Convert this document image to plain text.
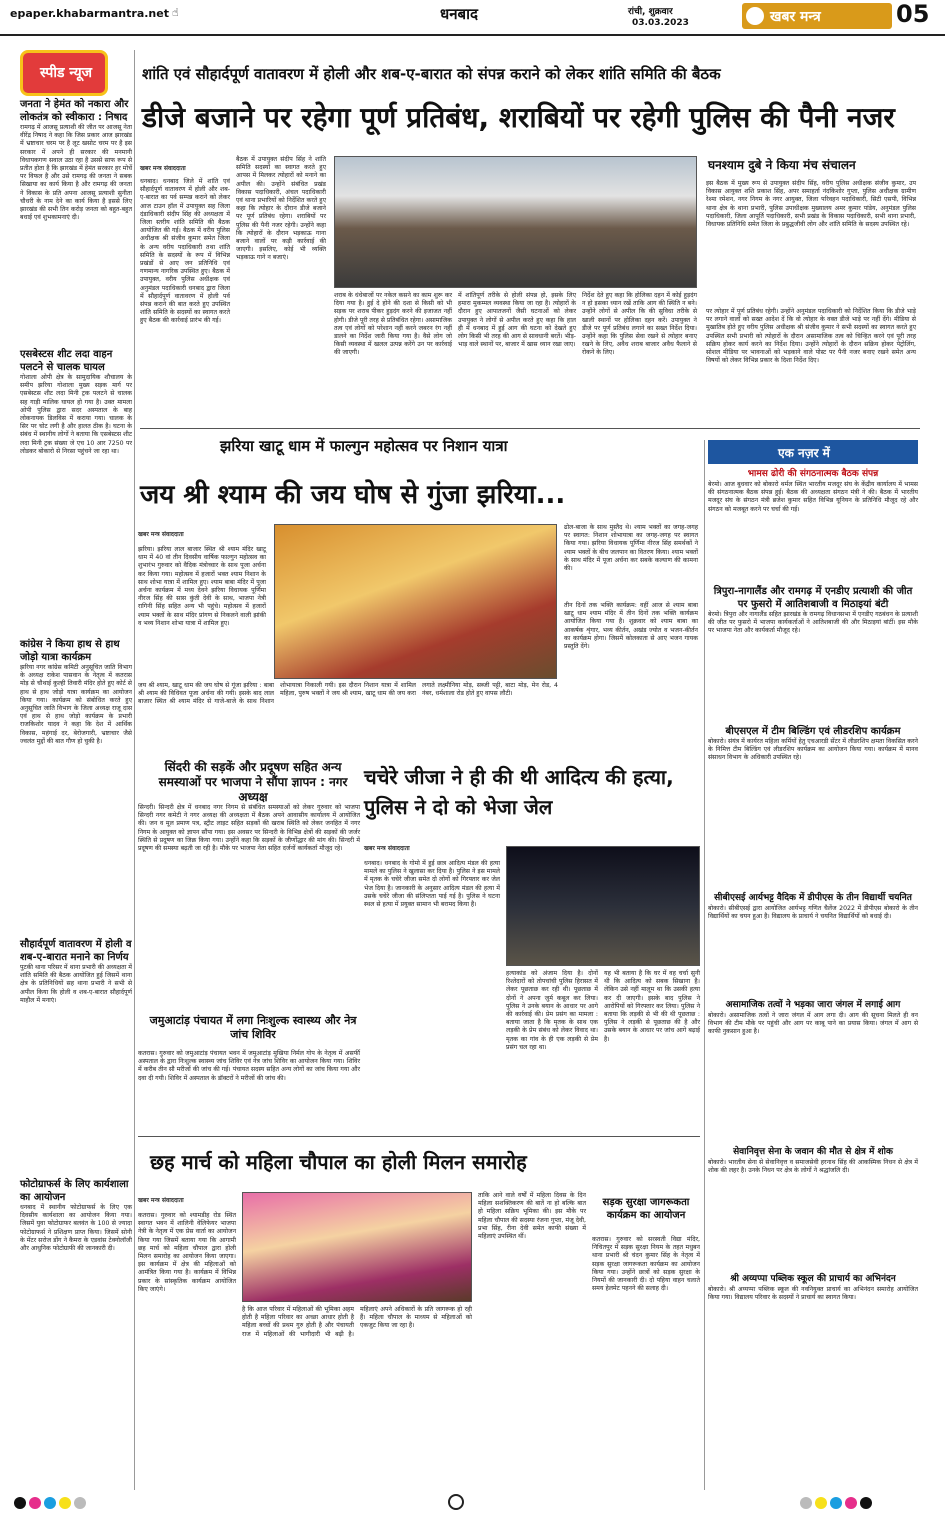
epaper.khabarmantra.net ☝	धनबाद	रांची, शुक्रवार
03.03.2023	खबर मन्त्र	05
स्पीड न्यूज
जनता ने हेमंत को नकारा और लोकतंत्र को स्वीकारा : निषाद
रामगढ़ में आजसू प्रत्याशी की जीत पर आजसू नेता वीरेंद्र निषाद ने कहा कि जिस प्रकार आज झारखंड में भ्रष्टाचार चरम पर है लूट खसोट चरम पर है इस सरकार में अपने ही सरकार की मनमानी विधायकगण सवाल उठा रहा है उससे साफ रूप से प्रतीत होता है कि झारखंड में हेमंत सरकार हर मोर्चे पर विफल है और उसे रामगढ़ की जनता ने सबक सिखाया का कार्य किया है और रामगढ़ की जनता ने विकास के प्रति अपना आजसू प्रत्याशी सुनीता चौधरी के नाम देने का कार्य किया है इससे लिए झारखंड की सभी तिन करोड़ जनता को बहुत-बहुत बधाई एवं शुभकामनाएं दी।
एसबेस्टस शीट लदा वाहन पलटने से चालक घायल
गोशाला ओपी क्षेत्र के सामुदायिक शौचालय के समीप झरिया गोशाला मुख्य सड़क मार्ग पर एसबेस्टस शीट लदा मिनी ट्रक पलटने से चालक सह गाड़ी मालिक घायल हो गया है। उक्त मामला ओपी पुलिस द्वारा सदर अस्पताल के बाह लोकनायक डिलविस में कराया गया। चालक के सिर पर चोट लगी है और हालत ठीक है। घटना के संबंध में स्थानीय लोगों ने बताया कि एसबेस्टस शीट लदा मिनी ट्रक संख्या जे एच 10 आर 7250 पर लोडकर बोकारो से निरसा पहुंचने जा रहा था।
कांग्रेस ने किया हाथ से हाथ जोड़ो यात्रा कार्यक्रम
झरिया नगर कांग्रेस कमिटी अनुसूचित जाति विभाग के अध्यक्ष राकेश पासवान के नेतृत्व में कतरास मोड़ से चौथाई कुल्ही तिवारी मंदिर होते हुए कोर्ट से हाथ से हाथ जोड़ो यात्रा कार्यक्रम का आयोजन किया गया। कार्यक्रम को संबोधित करते हुए अनुसूचित जाति विभाग के जिला अध्यक्ष राजू दास एवं हाथ से हाथ जोड़ो कार्यक्रम के प्रभारी राजकिशोर यादव ने कहा कि देश में आर्थिक विकास, महंगाई दर, बेरोजगारी, भ्रष्टाचार जैसे ज्वलंत मुद्दों की बात गौण हो चुकी है।
सौहार्दपूर्ण वातावरण में होली व शब-ए-बारात मनाने का निर्णय
पुटकी थाना परिसर में थाना प्रभारी की अध्यक्षता में शांति समिति की बैठक आयोजित हुई जिसमें थाना क्षेत्र के प्रतिनिधियों सह थाना प्रभारी ने सभी से अपील किया कि होली व शब-ए-बारात सौहार्दपूर्ण माहौल में मनाएं।
फोटोग्राफर्स के लिए कार्यशाला का आयोजन
धनबाद में स्थानीय फोटोग्राफर्स के लिए एक दिवसीय कार्यशाला का आयोजन किया गया। जिसमें युवा फोटोग्राफर बलवंत के 100 से ज्यादा फोटोग्राफर्स ने प्रशिक्षण प्राप्त किया। जिसमें सोनी के मेंटर सरोज डोंग ने कैमरा के एडवांस टेक्नोलॉजी और आधुनिक फोटोग्राफी की जानकारी दी।
शांति एवं सौहार्दपूर्ण वातावरण में होली और शब-ए-बारात को संपन्न कराने को लेकर शांति समिति की बैठक
डीजे बजाने पर रहेगा पूर्ण प्रतिबंध, शराबियों पर रहेगी पुलिस की पैनी नजर
खबर मन्त्र संवाददाता
धनबाद। धनबाद जिले में शांति एवं सौहार्दपूर्ण वातावरण में होली और शब-ए-बारात का पर्व सम्पन्न कराने को लेकर आज टाउन हॉल में उपायुक्त सह जिला दंडाधिकारी संदीप सिंह की अध्यक्षता में जिला स्तरीय शांति समिति की बैठक आयोजित की गई। बैठक में वरीय पुलिस अधीक्षक श्री संजीव कुमार समेत जिला के अन्य वरीय पदाधिकारी तथा शांति समिति के सदस्यों के रूप में विभिन्न प्रखंडों से आए जन प्रतिनिधि एवं गणमान्य नागरिक उपस्थित हुए। बैठक में उपायुक्त, वरीय पुलिस अधीक्षक एवं अनुमंडल पदाधिकारी धनबाद द्वारा जिला में सौहार्दपूर्ण वातावरण में होली पर्व संपन्न कराने की बात करते हुए उपस्थित शांति समिति के सदस्यों का स्वागत करते हुए बैठक की कार्रवाई प्रारंभ की गई।
बैठक में उपायुक्त संदीप सिंह ने शांति समिति सदस्यों का स्वागत करते हुए आपस में मिलकर त्योहारों को मनाने का अपील की। उन्होंने संबंधित प्रखंड विकास पदाधिकारी, अंचल पदाधिकारी एवं थाना प्रभारियों को निर्देशित करते हुए कहा कि त्योहार के दौरान डीजे बजाने पर पूर्ण प्रतिबंध रहेगा। शराबियों पर पुलिस की पैनी नजर रहेगी। उन्होंने कहा कि त्योहारों के दौरान भड़काऊ गाना बजाने वालों पर कड़ी कार्रवाई की जाएगी। इसलिए, कोई भी व्यक्ति भड़काऊ गाने न बजाएं।
शराब के धंधेबाजों पर नकेल कसने का काम शुरू कर दिया गया है। हुई दे होने की दशा से किसी को भी सड़क पर शराब पीकर हुड़दंग करने की इजाजत नहीं होगी। डीजे पूरी तरह से प्रतिबंधित रहेगा। असामाजिक तत्व एवं लोगों को परेशान नहीं करने जबरन रंग नहीं डालने का निर्देश जारी किया गया है। वैसे लोग जो किसी व्यवस्था में खलल उत्पन्न करेंगे उन पर कार्रवाई की जाएगी।
में शांतिपूर्ण तरीके से होली संपन्न हो, इसके लिए हमारा मुकम्मल व्यवस्था किया जा रहा है। त्योहारों के दौरान हुए आपातजनों जैसी घटनाओं को लेकर उपायुक्त ने लोगों से अपील करते हुए कहा कि हाल ही में धनबाद में हुई आग की घटना को देखते हुए लोग किसी भी तरह की आग से सावधानी बरतें। भीड़-भाड़ वाले स्थानों पर, बाजार में खास ध्यान रखा जाए।
निर्देश देते हुए कहा कि होलिका दहन में कोई हुड़दंग न हो इसका ध्यान रखें ताकि आग की स्थिति न बने। उन्होंने लोगों से अपील कि की सुविधा तरीके से खाली स्थानों पर होलिका दहन करें। उपायुक्त ने डीजे पर पूर्ण प्रतिबंध लगाने का सख्त निर्देश दिया। उन्होंने कहा कि पुलिस सेवा रखने से त्योहार बनाए रखने के लिए, अवैध शराब बाजार अवैध फैलाने से रोकने के लिए।
घनश्याम दुबे ने किया मंच संचालन
इस बैठक में मुख्य रूप से उपायुक्त संदीप सिंह, वरीय पुलिस अधीक्षक संजीव कुमार, उप विकास आयुक्त शशि प्रकाश सिंह, अपर समाहर्ता नंदकिशोर गुप्ता, पुलिस अधीक्षक ग्रामीण रेश्मा रमेशन, नगर निगम के नगर आयुक्त, जिला परिवहन पदाधिकारी, सिटी एसपी, विभिन्न थाना क्षेत्र के थाना प्रभारी, पुलिस उपाधीक्षक मुख्यालय अमर कुमार पांडेय, अनुमंडल पुलिस पदाधिकारी, जिला आपूर्ति पदाधिकारी, सभी प्रखंड के विकास पदाधिकारी, सभी थाना प्रभारी, विधायक प्रतिनिधि समेत जिला के प्रबुद्धजीवी लोग और शांति समिति के सदस्य उपस्थित रहे।
पर त्योहार में पूर्ण प्रतिबंध रहेगी। उन्होंने अनुमंडल पदाधिकारी को निर्देशित किया कि डीजे भाड़े पर लगाने वालों को सख्त आदेश दें कि वो त्योहार के वक्त डीजे भाड़े पर नहीं देंगे। मीडिया से मुखातिब होते हुए वरीय पुलिस अधीक्षक श्री संजीव कुमार ने सभी सदस्यों का स्वागत करते हुए उपस्थित सभी प्रभारी को त्योहारों के दौरान असामाजिक तत्व को चिन्हित करने एवं पूरी तरह सक्रिय होकर कार्य करने का निर्देश दिया। उन्होंने त्योहारों के दौरान सक्रिय होकर पेट्रोलिंग, सोशल मीडिया पर भावनाओं को भड़काने वाले पोस्ट पर पैनी नजर बनाए रखने समेत अन्य विषयों को लेकर विभिन्न प्रकार के दिशा निर्देश दिए।
झरिया खाटू धाम में फाल्गुन महोत्सव पर निशान यात्रा
जय श्री श्याम की जय घोष से गुंजा झरिया...
खबर मन्त्र संवाददाता
झरिया। झरिया लाल बाजार स्थित श्री श्याम मंदिर खाटू धाम में 40 वां तीन दिवसीय वार्षिक फाल्गुन महोत्सव का शुभारंभ गुरुवार को वैदिक मंत्रोच्चार के साथ पूजा अर्चना कर किया गया। महोत्सव में हजारों भक्त श्याम निशान के साथ शोभा यात्रा में शामिल हुए। श्याम बाबा मंदिर में पूजा अर्चना कार्यक्रम में मध्य देवने झरिया विधायक पूर्णिमा नीरज सिंह की सास कुंती देवी के साथ, भाजपा नेत्री रागिनी सिंह सहित अन्य भी पहुंचे। महोत्सव में हजारों श्याम भक्तों के साथ मंदिर प्रांगण से निकलने वाली झांकी व भव्य निशान शोभा यात्रा में शामिल हुए।
जय श्री श्याम, खाटू धाम की जय घोष से गूंजा झरिया : बाबा श्री श्याम की विधिवत पूजा अर्चना की गयी। इसके बाद लाल बाजार स्थित श्री श्याम मंदिर से गाजे-बाजे के साथ निशान शोभायात्रा निकाली गयी। इस दौरान निशान यात्रा में शामिल महिला, पुरुष भक्तों ने जय श्री श्याम, खाटू धाम की जय करा लगाते लक्ष्मीनिया मोड़, सब्जी पट्टी, बाटा मोड़, मेन रोड, 4 नंबर, धर्मशाला रोड होते हुए वापस लौटी।
ढोल-बाजा के साथ मुस्तैद थे। श्याम भक्तों का जगह-जगह पर स्वागत: निशान शोभायात्रा का जगह-जगह पर स्वागत किया गया। झरिया विधायक पूर्णिमा नीरज सिंह समर्थकों ने श्याम भक्तों के बीच जलपान का वितरण किया। श्याम भक्तों के साथ मंदिर में पूजा अर्चना कर सबके कल्याण की कामना की।
तीन दिनों तक भक्ति कार्यक्रम: वहीं आज से श्याम बाबा खाटू धाम श्याम मंदिर में तीन दिनों तक भक्ति कार्यक्रम आयोजित किया गया है। शुक्रवार को श्याम बाबा का आकर्षक शृंगार, भव्य कीर्तन, अखंड ज्योत व भजन-कीर्तन का कार्यक्रम होगा। जिसमें कोलकाता से आए भजन गायक प्रस्तुति देंगे।
सिंदरी की सड़कें और प्रदूषण सहित अन्य समस्याओं पर भाजपा ने सौंपा ज्ञापन : नगर अध्यक्ष
सिन्दरी। सिन्दरी क्षेत्र में धनबाद नगर निगम से संबंधित समस्याओं को लेकर गुरुवार को भाजपा सिन्दरी नगर कमेटी ने नगर अध्यक्ष की अध्यक्षता में बैठक अपने आवासीय कार्यालय में आयोजित की। जन व मूल प्रमाण पत्र, स्ट्रीट लाइट सहित सड़कों की खराब स्थिति को लेकर जनहित में नगर निगम के आयुक्त को ज्ञापन सौंपा गया। इस अवसर पर सिन्दरी के विभिन्न क्षेत्रों की सड़कों की जर्जर स्थिति से प्रदूषण का जिक्र किया गया। उन्होंने कहा कि सड़कों के जीर्णोद्धार की मांग की। सिन्दरी में प्रदूषण की समस्या बढ़ती जा रही है। मौके पर भाजपा नेता सहित दर्जनों कार्यकर्ता मौजूद रहे।
जमुआटांड़ पंचायत में लगा निःशुल्क स्वास्थ्य और नेत्र जांच शिविर
कतरास। गुरुवार को जमुआटांड़ पंचायत भवन में जमुआटांड़ मुखिया निर्मल गोप के नेतृत्व में असर्फी अस्पताल के द्वारा निःशुल्क स्वास्थ्य जांच शिविर एवं नेत्र जांच शिविर का आयोजन किया गया। शिविर में करीब तीन सौ मरीजों की जांच की गई। पंचायत सदस्य सहित अन्य लोगों का जांच किया गया और दवा दी गयी। शिविर में अस्पताल के डॉक्टरों ने मरीजों की जांच की।
चचेरे जीजा ने ही की थी आदित्य की हत्या, पुलिस ने दो को भेजा जेल
खबर मन्त्र संवाददाता
धनबाद। धनबाद के गोमो में हुई छात्र आदित्य मंडल की हत्या मामले का पुलिस ने खुलासा कर दिया है। पुलिस ने इस मामले में मृतक के चचेरे जीजा समेत दो लोगों को गिरफ्तार कर जेल भेज दिया है। जानकारी के अनुसार आदित्य मंडल की हत्या में उसके चचेरे जीजा की संलिप्तता पाई गई है। पुलिस ने घटना स्थल से हत्या में प्रयुक्त सामान भी बरामद किया है।
हत्याकांड को अंजाम दिया है। दोनों रिश्तेदारों को तोपचांची पुलिस हिरासत में लेकर पूछताछ कर रही थी। पूछताछ में दोनों ने अपना जुर्म कबूल कर लिया। पुलिस ने उनके बयान के आधार पर आगे की कार्रवाई की। प्रेम प्रसंग का मामला : बताया जाता है कि मृतक के साथ एक लड़की के प्रेम संबंध को लेकर विवाद था। मृतक का गांव के ही एक लड़की से प्रेम प्रसंग चल रहा था।
यह भी बताया है कि घर में वह चर्चा सुनी थी कि आदित्य को सबक सिखाना है। लेकिन उसे नहीं मालूम था कि उसकी हत्या कर दी जाएगी। इसके बाद पुलिस ने आरोपियों को गिरफ्तार कर लिया। पुलिस ने बताया कि लड़की से भी की थी पूछताछ : पुलिस ने लड़की से पूछताछ की है और उसके बयान के आधार पर जांच आगे बढ़ाई है।
छह मार्च को महिला चौपाल का होली मिलन समारोह
खबर मन्त्र संवाददाता
कतरास। गुरुवार को श्यामडीह रोड स्थित स्वागत भवन में शालिनी वेलिफेयर भाजपा नेत्री के नेतृत्व में एक प्रेस वार्ता का आयोजन किया गया जिसमें बताया गया कि आगामी छह मार्च को महिला चौपाल द्वारा होली मिलन समारोह का आयोजन किया जाएगा। इस कार्यक्रम में क्षेत्र की महिलाओं को आमंत्रित किया गया है। कार्यक्रम में विभिन्न प्रकार के सांस्कृतिक कार्यक्रम आयोजित किए जाएंगे।
है कि आज परिवार में महिलाओं की भूमिका अहम होती है महिला परिवार का अच्छा आधार होती है महिला बच्चों की प्रथम गुरु होती है और पंचायती राज में महिलाओं की भागीदारी भी बढ़ी है। महिलाएं अपने अधिकारों के प्रति जागरूक हो रही हैं। महिला चौपाल के माध्यम से महिलाओं को एकजुट किया जा रहा है।
ताकि आने वाले वर्षों में महिला दिवस के दिन महिला सशक्तिकरण की बातें ना हो बल्कि बात हो महिला सक्रिय भूमिका की। इस मौके पर महिला चौपाल की सदस्या रंजना गुप्ता, मंजू देवी, प्रभा सिंह, रीना देवी समेत काफी संख्या में महिलाएं उपस्थित थीं।
सड़क सुरक्षा जागरूकता कार्यक्रम का आयोजन
कतरास। गुरुवार को सरस्वती विद्या मंदिर, निचितपुर में सड़क सुरक्षा नियम के तहत मधुबन थाना प्रभारी श्री चंदन कुमार सिंह के नेतृत्व में सड़क सुरक्षा जागरूकता कार्यक्रम का आयोजन किया गया। उन्होंने छात्रों को सड़क सुरक्षा के नियमों की जानकारी दी। दो पहिया वाहन चलाते समय हेलमेट पहनने की सलाह दी।
एक नज़र में
भामस ढोरी की संगठनात्मक बैठक संपन्न
बेरमो। आज बुधवार को बोकारो थर्मल स्थित भारतीय मजदूर संघ के केंद्रीय कार्यालय में भामस की संगठनात्मक बैठक संपन्न हुई। बैठक की अध्यक्षता संगठन मंत्री ने की। बैठक में भारतीय मजदूर संघ के संगठन मंत्री ब्रजेश कुमार सहित विभिन्न यूनियन के प्रतिनिधि मौजूद रहे और संगठन को मजबूत करने पर चर्चा की गई।
त्रिपुरा-नागालैंड और रामगढ़ में एनडीए प्रत्याशी की जीत पर फुसरो में आतिशबाजी व मिठाइयां बंटी
बेरमो। त्रिपुरा और नागालैंड सहित झारखंड के रामगढ़ विधानसभा में एनडीए गठबंधन के प्रत्याशी की जीत पर फुसरो में भाजपा कार्यकर्ताओं ने आतिशबाजी की और मिठाइयां बांटीं। इस मौके पर भाजपा नेता और कार्यकर्ता मौजूद रहे।
बीएसएल में टीम बिल्डिंग एवं लीडरशिप कार्यक्रम
बोकारो। संयंत्र में कार्यरत महिला कर्मियों हेतु एचआरडी सेंटर में लीडरशिप क्षमता विकसित करने के निमित्त टीम बिल्डिंग एवं लीडरशिप कार्यक्रम का आयोजन किया गया। कार्यक्रम में मानव संसाधन विभाग के अधिकारी उपस्थित रहे।
सीबीएसई आर्यभट्ट वैदिक में डीपीएस के तीन विद्यार्थी चयनित
बोकारो। सीबीएसई द्वारा आयोजित आर्यभट्ट गणित चैलेंज 2022 में डीपीएस बोकारो के तीन विद्यार्थियों का चयन हुआ है। विद्यालय के प्राचार्य ने चयनित विद्यार्थियों को बधाई दी।
असामाजिक तत्वों ने भड़का जारा जंगल में लगाई आग
बोकारो। असामाजिक तत्वों ने जारा जंगल में आग लगा दी। आग की सूचना मिलते ही वन विभाग की टीम मौके पर पहुंची और आग पर काबू पाने का प्रयास किया। जंगल में आग से काफी नुकसान हुआ है।
सेवानिवृत्त सेना के जवान की मौत से क्षेत्र में शोक
बोकारो। भारतीय सेना से सेवानिवृत्त व समाजसेवी हरनाथ सिंह की आकस्मिक निधन से क्षेत्र में शोक की लहर है। उनके निधन पर क्षेत्र के लोगों ने श्रद्धांजलि दी।
श्री अय्यप्पा पब्लिक स्कूल की प्राचार्य का अभिनंदन
बोकारो। श्री अय्यप्पा पब्लिक स्कूल की नवनियुक्त प्राचार्य का अभिनंदन समारोह आयोजित किया गया। विद्यालय परिवार के सदस्यों ने प्राचार्य का स्वागत किया।
